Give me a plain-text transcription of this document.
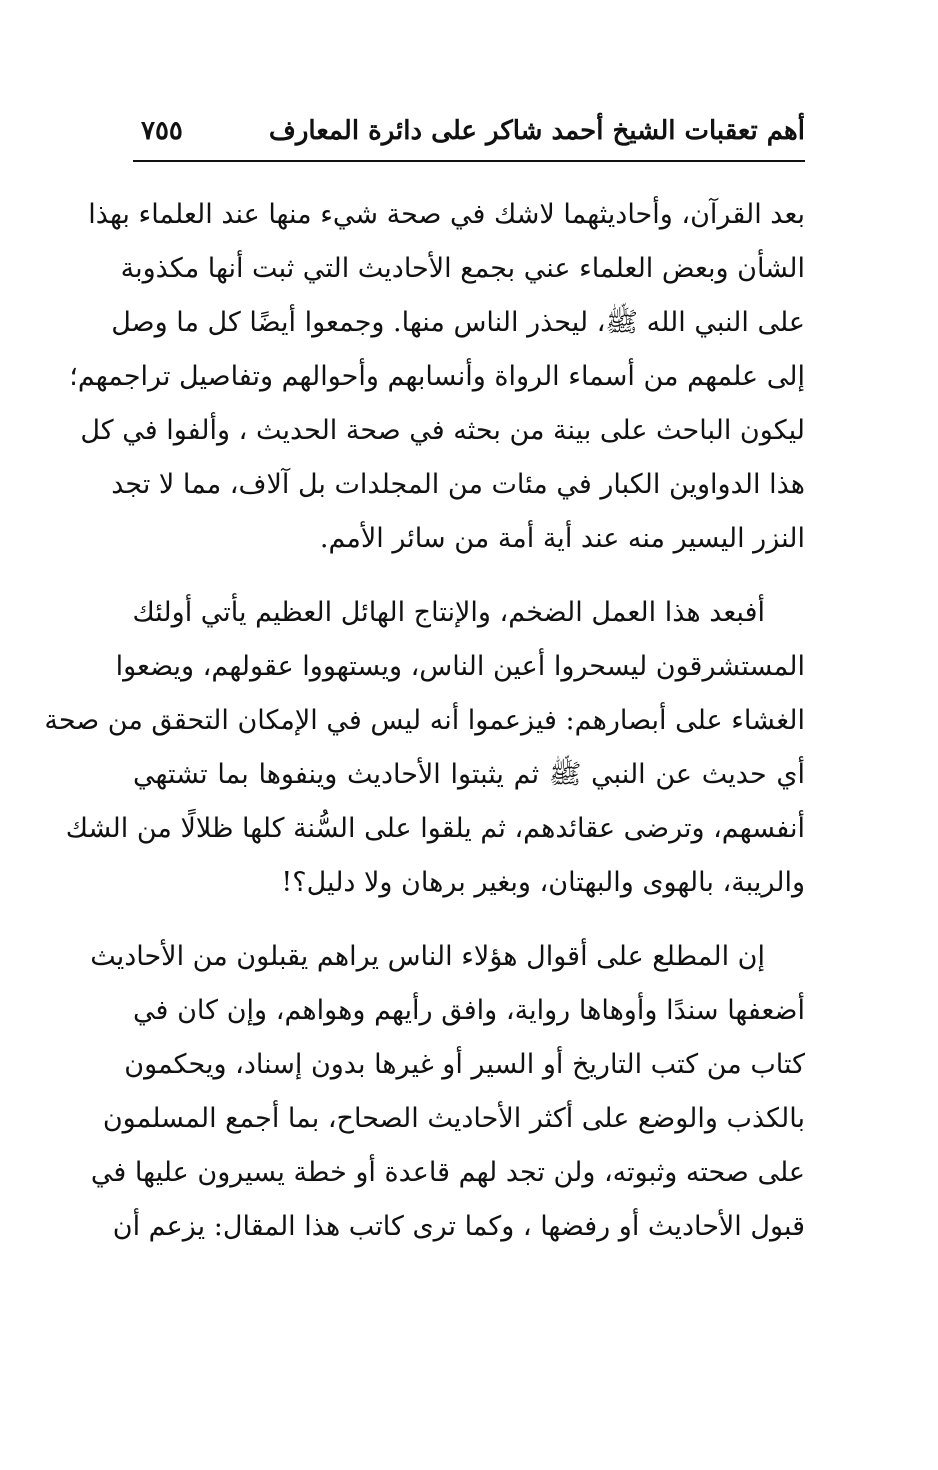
أهم تعقبات الشيخ أحمد شاكر على دائرة المعارف
٧٥٥
بعد القرآن، وأحاديثهما لاشك في صحة شيء منها عند العلماء بهذا
الشأن وبعض العلماء عني بجمع الأحاديث التي ثبت أنها مكذوبة
على النبي الله ﷺ، ليحذر الناس منها. وجمعوا أيضًا كل ما وصل
إلى علمهم من أسماء الرواة وأنسابهم وأحوالهم وتفاصيل تراجمهم؛
ليكون الباحث على بينة من بحثه في صحة الحديث ، وألفوا في كل
هذا الدواوين الكبار في مئات من المجلدات بل آلاف، مما لا تجد
النزر اليسير منه عند أية أمة من سائر الأمم.
أفبعد هذا العمل الضخم، والإنتاج الهائل العظيم يأتي أولئك
المستشرقون ليسحروا أعين الناس، ويستهووا عقولهم، ويضعوا
الغشاء على أبصارهم: فيزعموا أنه ليس في الإمكان التحقق من صحة
أي حديث عن النبي ﷺ ثم يثبتوا الأحاديث وينفوها بما تشتهي
أنفسهم، وترضى عقائدهم، ثم يلقوا على السُّنة كلها ظلالًا من الشك
والريبة، بالهوى والبهتان، وبغير برهان ولا دليل؟!
إن المطلع على أقوال هؤلاء الناس يراهم يقبلون من الأحاديث
أضعفها سندًا وأوهاها رواية، وافق رأيهم وهواهم، وإن كان في
كتاب من كتب التاريخ أو السير أو غيرها بدون إسناد، ويحكمون
بالكذب والوضع على أكثر الأحاديث الصحاح، بما أجمع المسلمون
على صحته وثبوته، ولن تجد لهم قاعدة أو خطة يسيرون عليها في
قبول الأحاديث أو رفضها ، وكما ترى كاتب هذا المقال: يزعم أن
